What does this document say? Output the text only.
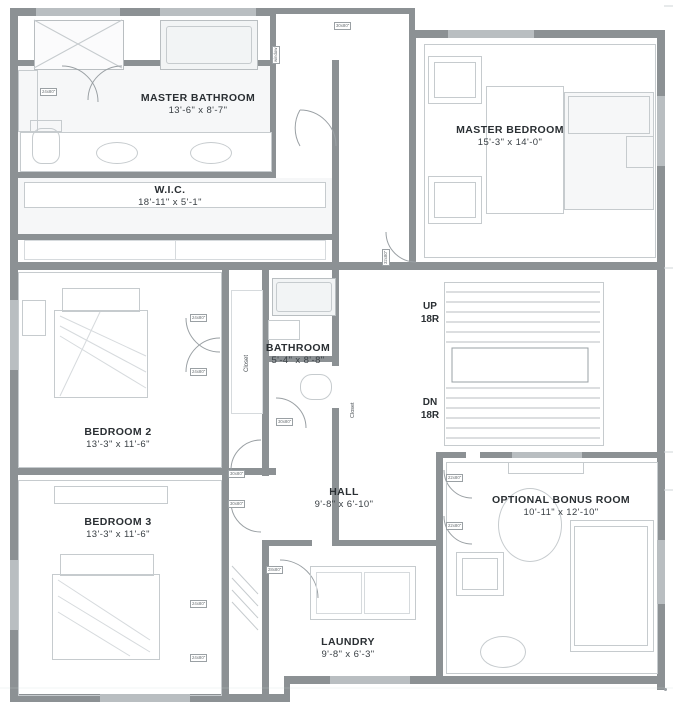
Closet
Closet
UP
18R
DN
18R
24x80"
24x80"
24x80"
24x80"
24x80"
30x80"
30x80"
30x80"
30x80"
22x80"
22x80"
28x80"
32x80"
window
MASTER BATHROOM
13'-6" x 8'-7"
MASTER BEDROOM
15'-3" x 14'-0"
W.I.C.
18'-11" x 5'-1"
BATHROOM
5'-4" x 8'-8"
BEDROOM 2
13'-3" x 11'-6"
BEDROOM 3
13'-3" x 11'-6"
HALL
9'-8" x 6'-10"
LAUNDRY
9'-8" x 6'-3"
OPTIONAL BONUS ROOM
10'-11" x 12'-10"
